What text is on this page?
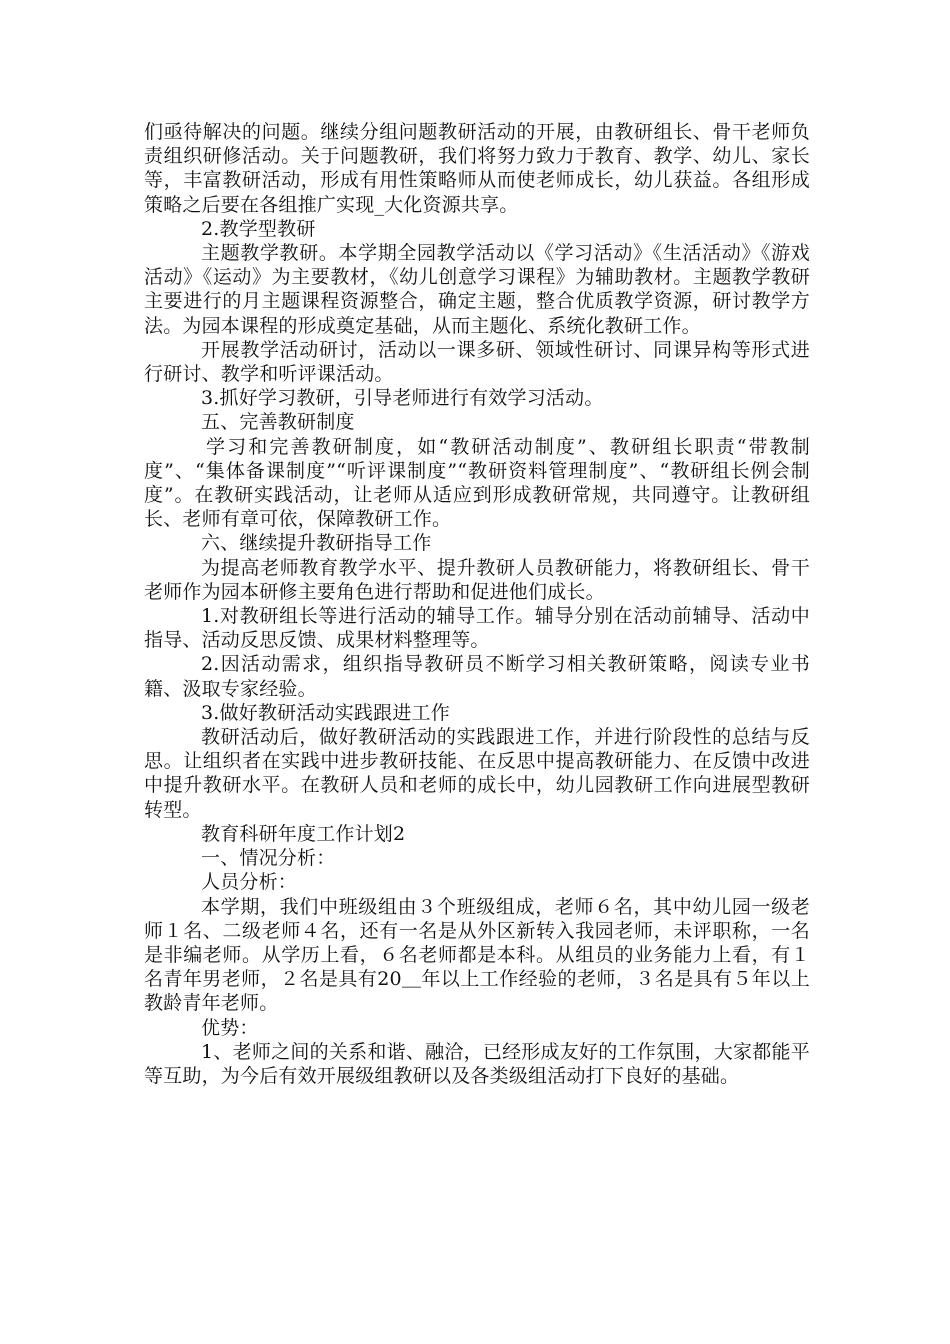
们亟待解决的问题。继续分组问题教研活动的开展，由教研组长、骨干老师负责组织研修活动。关于问题教研，我们将努力致力于教育、教学、幼儿、家长等，丰富教研活动，形成有用性策略师从而使老师成长，幼儿获益。各组形成策略之后要在各组推广实现_大化资源共享。

2.教学型教研

主题教学教研。本学期全园教学活动以《学习活动》《生活活动》《游戏活动》《运动》为主要教材，《幼儿创意学习课程》为辅助教材。主题教学教研主要进行的月主题课程资源整合，确定主题，整合优质教学资源，研讨教学方法。为园本课程的形成奠定基础，从而主题化、系统化教研工作。

开展教学活动研讨，活动以一课多研、领域性研讨、同课异构等形式进行研讨、教学和听评课活动。

3.抓好学习教研，引导老师进行有效学习活动。

五、完善教研制度

学习和完善教研制度，如“教研活动制度”、教研组长职责“带教制度”、“集体备课制度”“听评课制度”“教研资料管理制度”、“教研组长例会制度”。在教研实践活动，让老师从适应到形成教研常规，共同遵守。让教研组长、老师有章可依，保障教研工作。

六、继续提升教研指导工作

为提高老师教育教学水平、提升教研人员教研能力，将教研组长、骨干老师作为园本研修主要角色进行帮助和促进他们成长。

1.对教研组长等进行活动的辅导工作。辅导分别在活动前辅导、活动中指导、活动反思反馈、成果材料整理等。

2.因活动需求，组织指导教研员不断学习相关教研策略，阅读专业书籍、汲取专家经验。

3.做好教研活动实践跟进工作

教研活动后，做好教研活动的实践跟进工作，并进行阶段性的总结与反思。让组织者在实践中进步教研技能、在反思中提高教研能力、在反馈中改进中提升教研水平。在教研人员和老师的成长中，幼儿园教研工作向进展型教研转型。

教育科研年度工作计划2

一、情况分析：

人员分析：

本学期，我们中班级组由３个班级组成，老师６名，其中幼儿园一级老师１名、二级老师４名，还有一名是从外区新转入我园老师，未评职称，一名是非编老师。从学历上看，６名老师都是本科。从组员的业务能力上看，有１名青年男老师，２名是具有20＿年以上工作经验的老师，３名是具有５年以上教龄青年老师。

优势：

1、老师之间的关系和谐、融洽，已经形成友好的工作氛围，大家都能平等互助，为今后有效开展级组教研以及各类级组活动打下良好的基础。
